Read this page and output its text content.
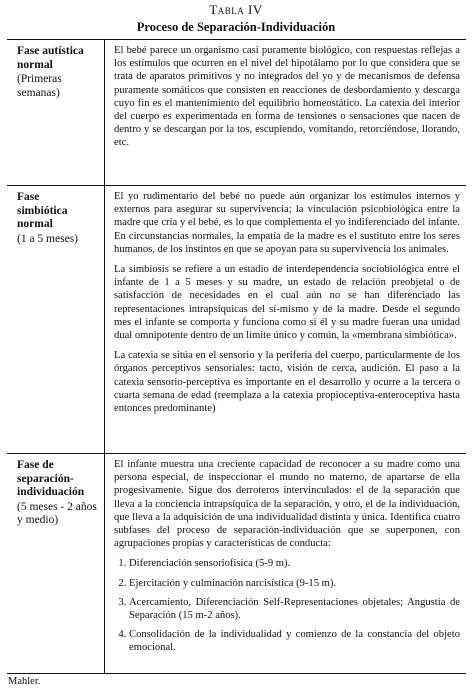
Tabla IV
Proceso de Separación-Individuación
Fase autística normal
(Primeras semanas)

El bebé parece un organismo casi puramente biológico, con respuestas reflejas a los estímulos que ocurren en el nivel del hipotálamo por lo que considera que se trata de aparatos primitivos y no integrados del yo y de mecanismos de defensa puramente somáticos que consisten en reacciones de desbordamiento y descarga cuyo fin es el mantenimiento del equilibrio homeostático. La catexia del interior del cuerpo es experimentada en forma de tensiones o sensaciones que nacen de dentro y se descargan por la tos, escupiendo, vomitando, retorciéndose, llorando, etc.

Fase simbiótica normal
(1 a 5 meses)

El yo rudimentario del bebé no puede aún organizar los estímulos internos y externos para asegurar su supervivencia; la vinculación psicobiológica entre la madre que cría y el bebé, es lo que complementa el yo indiferenciado del infante. En circunstancias normales, la empatía de la madre es el sustituto entre los seres humanos, de los instintos en que se apoyan para su supervivencia los animales.

La simbiosis se refiere a un estadio de interdependencia sociobiológica entre el infante de 1 a 5 meses y su madre, un estado de relación preobjetal o de satisfacción de necesidades en el cual aún no se han diferenciado las representaciones intrapsíquicas del sí-mismo y de la madre. Desde el segundo mes el infante se comporta y funciona como si él y su madre fueran una unidad dual omnipotente dentro de un límite único y común, la «membrana simbiótica».

La catexia se sitúa en el sensorio y la periferia del cuerpo, particularmente de los órganos perceptivos sensoriales: tacto, visión de cerca, audición. El paso a la catexia sensorio-perceptiva es importante en el desarrollo y ocurre a la tercera o cuarta semana de edad (reemplaza a la catexia propioceptiva-enteroceptiva hasta entonces predominante)

Fase de separación-individuación
(5 meses - 2 años y medio)

El infante muestra una creciente capacidad de reconocer a su madre como una persona especial, de inspeccionar el mundo no materno, de apartarse de ella progesivamente. Sigue dos derroteros intervinculados: el de la separación que lleva a la conciencia intrapsíquica de la separación, y otro, el de la individuación, que lleva a la adquisición de una individualidad distinta y única. Identifica cuatro subfases del proceso de separación-individuación que se superponen, con agrupaciones propias y características de conducta:

1. Diferenciación sensoriofísica (5-9 m).
2. Ejercitación y culminación narcisística (9-15 m).
3. Acercamiento, Diferenciación Self-Representaciones objetales; Angustia de Separación (15 m-2 años).
4. Consolidación de la individualidad y comienzo de la constancia del objeto emocional.
Mahler.
